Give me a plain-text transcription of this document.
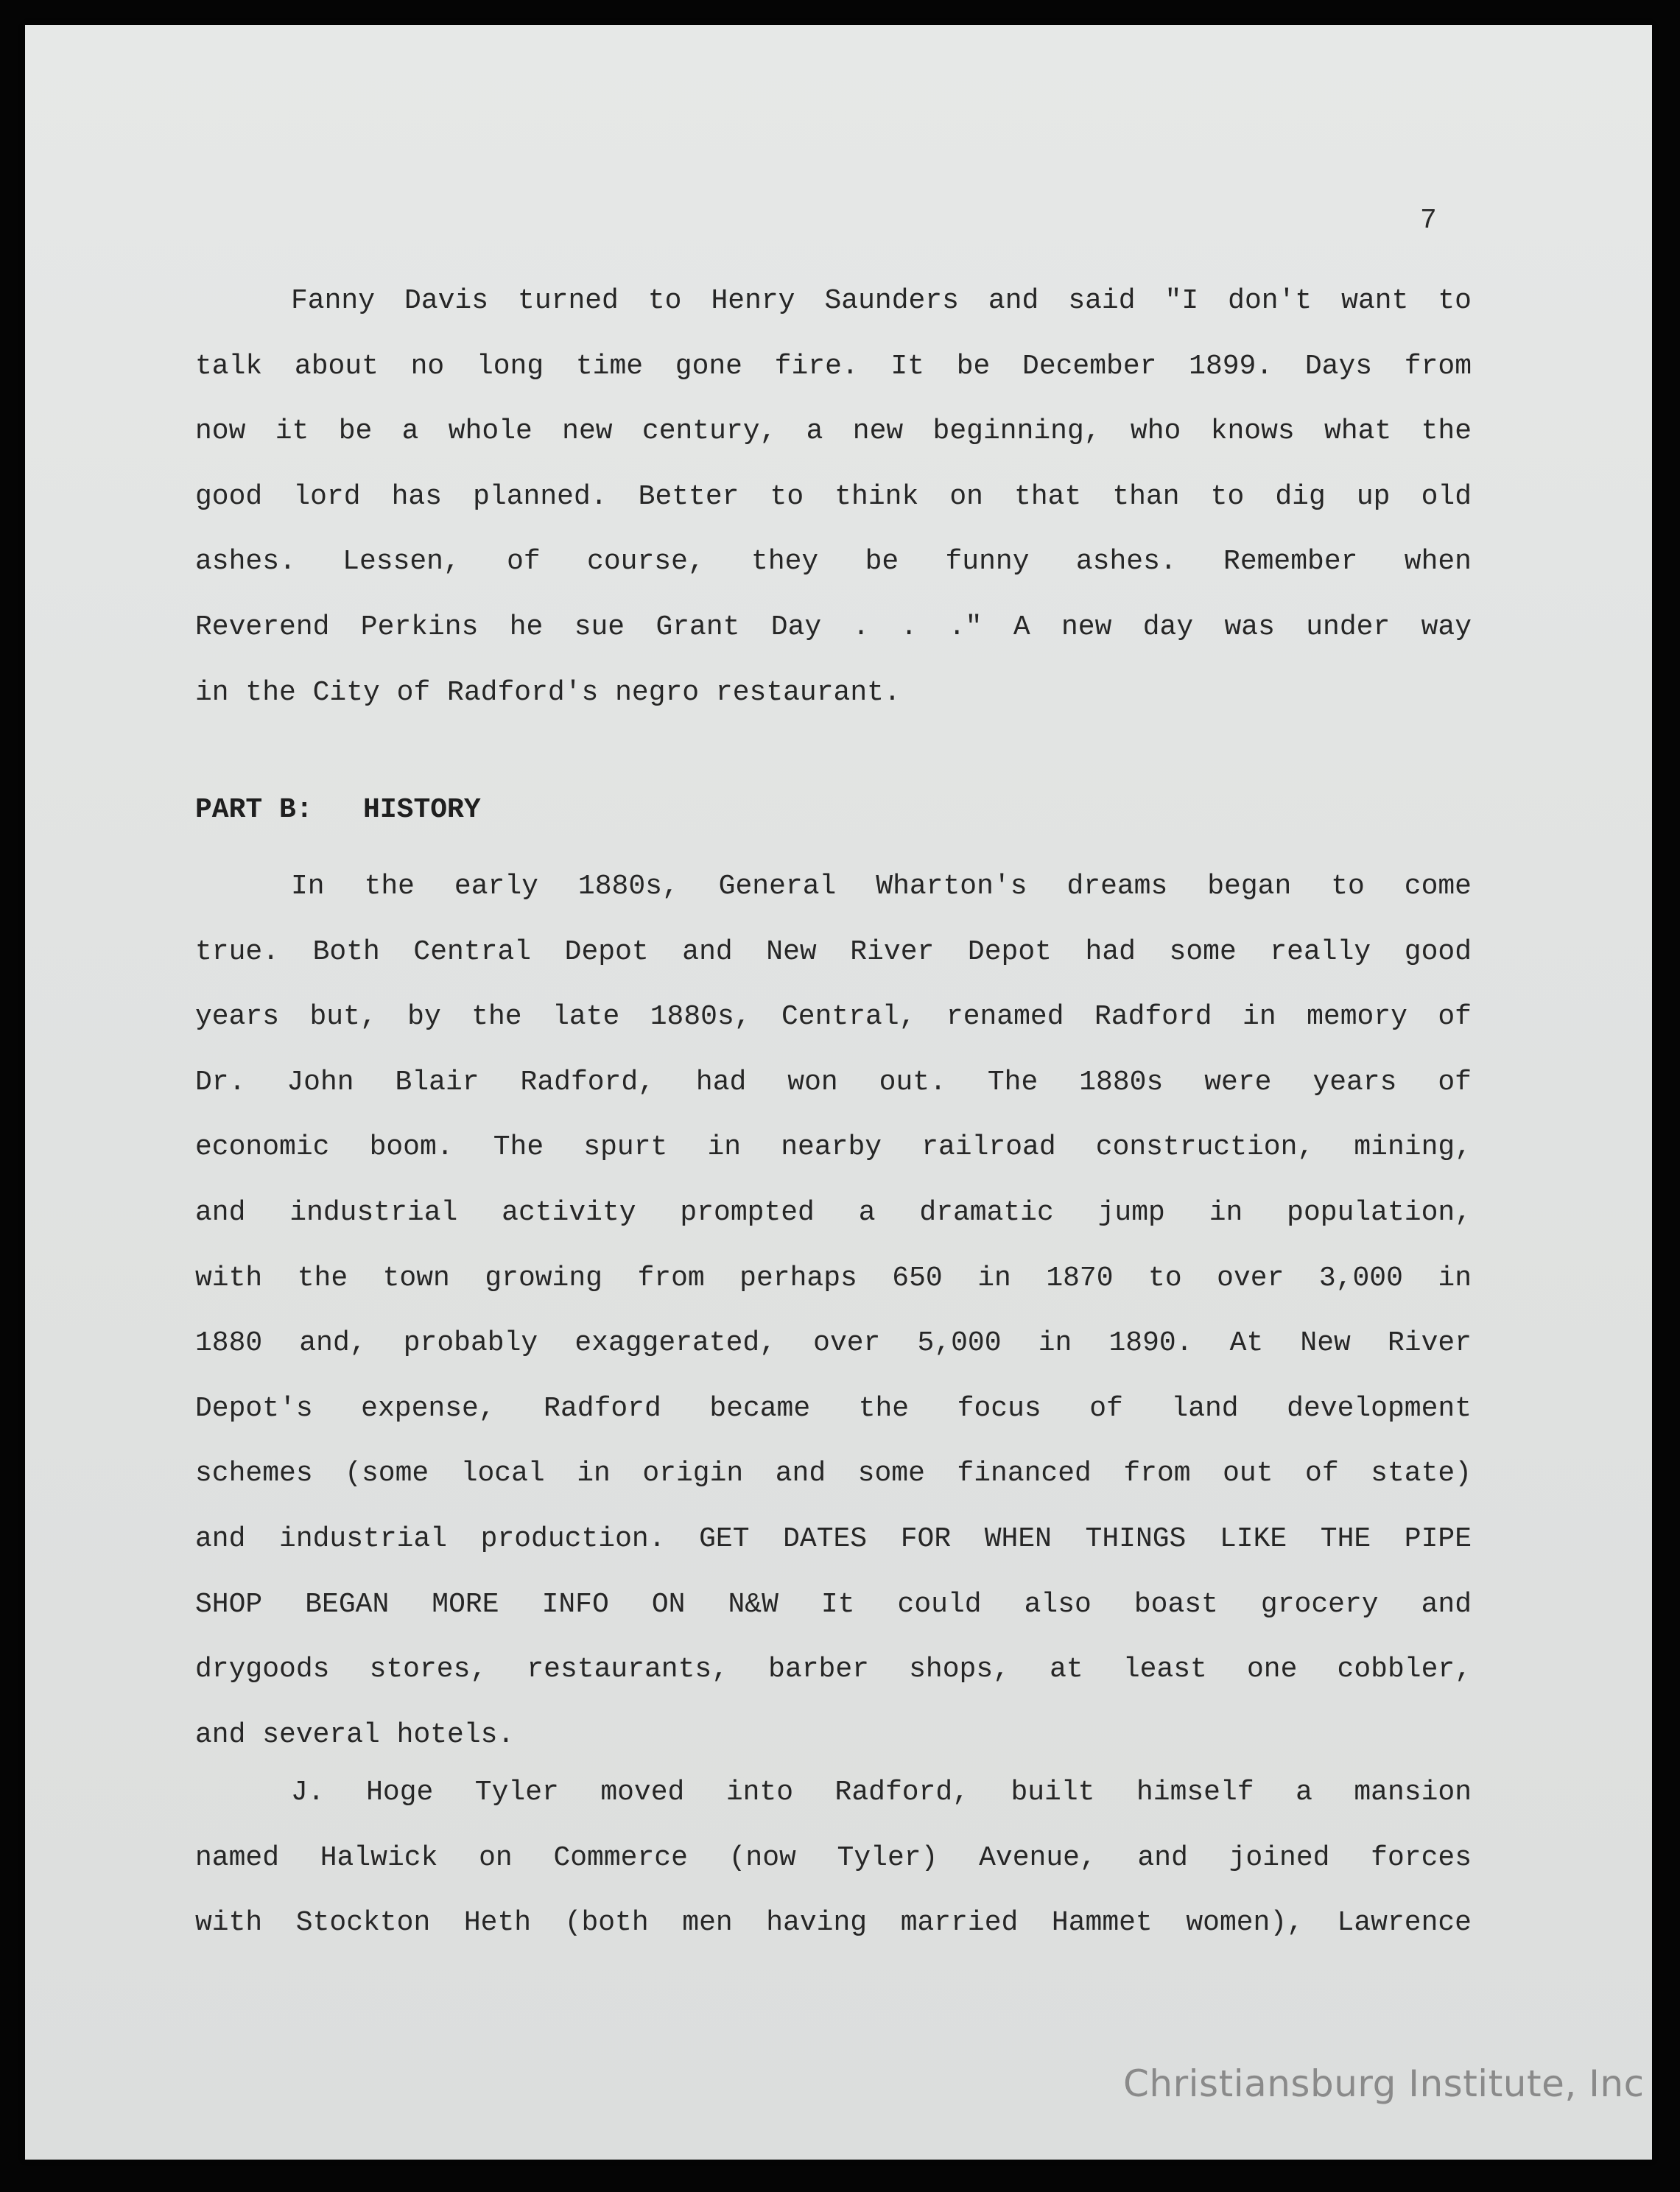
7
Fanny Davis turned to Henry Saunders and said "I don't want to
talk about no long time gone fire. It be December 1899. Days from
now it be a whole new century, a new beginning, who knows what the
good lord has planned. Better to think on that than to dig up old
ashes. Lessen, of course, they be funny ashes. Remember when
Reverend Perkins he sue Grant Day . . ." A new day was under way
in the City of Radford's negro restaurant.
PART B:   HISTORY
In the early 1880s, General Wharton's dreams began to come
true. Both Central Depot and New River Depot had some really good
years but, by the late 1880s, Central, renamed Radford in memory of
Dr. John Blair Radford, had won out. The 1880s were years of
economic boom. The spurt in nearby railroad construction, mining,
and industrial activity prompted a dramatic jump in population,
with the town growing from perhaps 650 in 1870 to over 3,000 in
1880 and, probably exaggerated, over 5,000 in 1890. At New River
Depot's expense, Radford became the focus of land development
schemes (some local in origin and some financed from out of state)
and industrial production. GET DATES FOR WHEN THINGS LIKE THE PIPE
SHOP BEGAN MORE INFO ON N&W It could also boast grocery and
drygoods stores, restaurants, barber shops, at least one cobbler,
and several hotels.
J. Hoge Tyler moved into Radford, built himself a mansion
named Halwick on Commerce (now Tyler) Avenue, and joined forces
with Stockton Heth (both men having married Hammet women), Lawrence
Christiansburg Institute, Inc
